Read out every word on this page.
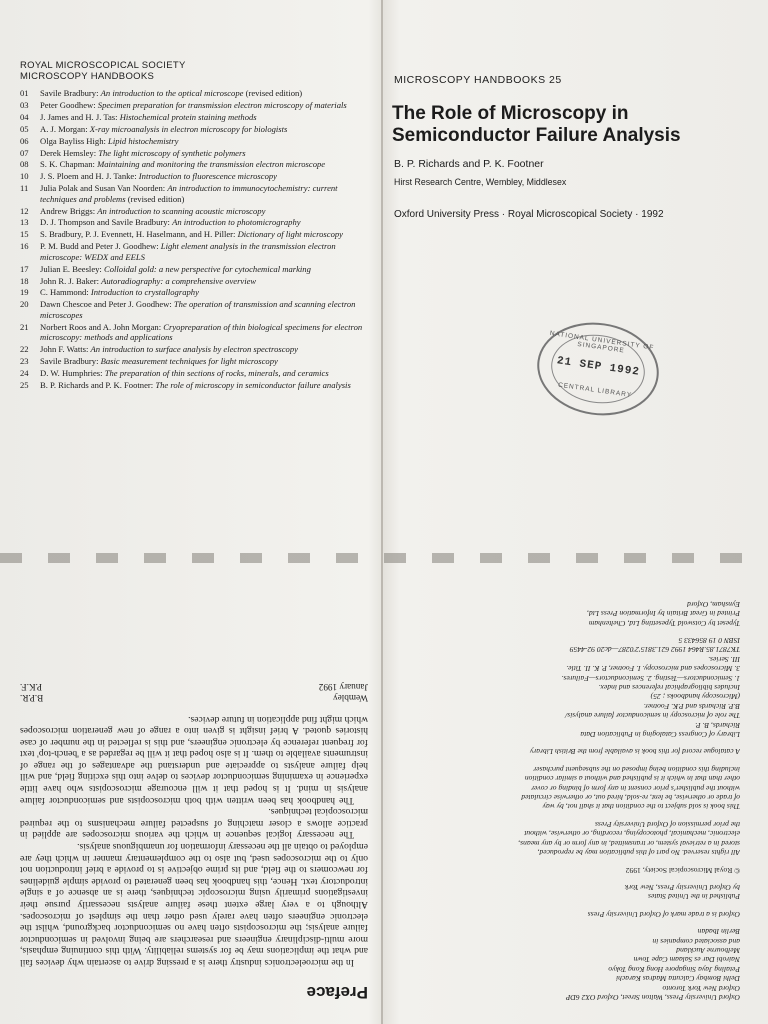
ROYAL MICROSCOPICAL SOCIETY
MICROSCOPY HANDBOOKS
01	Savile Bradbury: An introduction to the optical microscope (revised edition)
03	Peter Goodhew: Specimen preparation for transmission electron microscopy of materials
04	J. James and H. J. Tas: Histochemical protein staining methods
05	A. J. Morgan: X-ray microanalysis in electron microscopy for biologists
06	Olga Bayliss High: Lipid histochemistry
07	Derek Hemsley: The light microscopy of synthetic polymers
08	S. K. Chapman: Maintaining and monitoring the transmission electron microscope
10	J. S. Ploem and H. J. Tanke: Introduction to fluorescence microscopy
11	Julia Polak and Susan Van Noorden: An introduction to immunocytochemistry: current techniques and problems (revised edition)
12	Andrew Briggs: An introduction to scanning acoustic microscopy
13	D. J. Thompson and Savile Bradbury: An introduction to photomicrography
15	S. Bradbury, P. J. Evennett, H. Haselmann, and H. Piller: Dictionary of light microscopy
16	P. M. Budd and Peter J. Goodhew: Light element analysis in the transmission electron microscope: WEDX and EELS
17	Julian E. Beesley: Colloidal gold: a new perspective for cytochemical marking
18	John R. J. Baker: Autoradiography: a comprehensive overview
19	C. Hammond: Introduction to crystallography
20	Dawn Chescoe and Peter J. Goodhew: The operation of transmission and scanning electron microscopes
21	Norbert Roos and A. John Morgan: Cryopreparation of thin biological specimens for electron microscopy: methods and applications
22	John F. Watts: An introduction to surface analysis by electron spectroscopy
23	Savile Bradbury: Basic measurement techniques for light microscopy
24	D. W. Humphries: The preparation of thin sections of rocks, minerals, and ceramics
25	B. P. Richards and P. K. Footner: The role of microscopy in semiconductor failure analysis
MICROSCOPY HANDBOOKS 25
The Role of Microscopy in
Semiconductor Failure Analysis
B. P. Richards and P. K. Footner
Hirst Research Centre, Wembley, Middlesex
Oxford University Press · Royal Microscopical Society · 1992
NATIONAL UNIVERSITY OF SINGAPORE
21 SEP 1992
CENTRAL LIBRARY
Preface

In the microelectronics industry there is a pressing drive to ascertain why devices fail and what the implications may be for systems reliability. With this continuing emphasis, more multi-disciplinary engineers and researchers are being involved in semiconductor failure analysis; the microscopists often have no semiconductor background, whilst the electronic engineers often have rarely used other than the simplest of microscopes. Although to a very large extent these failure analysts necessarily pursue their investigations primarily using microscopic techniques, there is an absence of a single introductory text. Hence, this handbook has been generated to provide simple guidelines for newcomers to the field, and its prime objective is to provide a brief introduction not only to the microscopes used, but also to the complementary manner in which they are employed to obtain all the necessary information for unambiguous analysis.

The necessary logical sequence in which the various microscopes are applied in practice allows a closer matching of suspected failure mechanisms to the required microscopical techniques.

The handbook has been written with both microscopists and semiconductor failure analysis in mind. It is hoped that it will encourage microscopists who have little experience in examining semiconductor devices to delve into this exciting field, and will help failure analysts to appreciate and understand the advantages of the range of instruments available to them. It is also hoped that it will be regarded as a 'bench-top' text for frequent reference by electronic engineers, and this is reflected in the number of case histories quoted. A brief insight is given into a range of new generation microscopes which might find application in future devices.

Wembley
January 1992
B.P.R.
P.K.F.
Oxford University Press, Walton Street, Oxford OX2 6DP
Oxford New York Toronto
Delhi Bombay Calcutta Madras Karachi
Petaling Jaya Singapore Hong Kong Tokyo
Nairobi Dar es Salaam Cape Town
Melbourne Auckland
and associated companies in
Berlin Ibadan
Oxford is a trade mark of Oxford University Press
Published in the United States
by Oxford University Press, New York
© Royal Microscopical Society, 1992
All rights reserved. No part of this publication may be reproduced,
stored in a retrieval system, or transmitted, in any form or by any means,
electronic, mechanical, photocopying, recording, or otherwise, without
the prior permission of Oxford University Press
This book is sold subject to the condition that it shall not, by way
of trade or otherwise, be lent, re-sold, hired out, or otherwise circulated
without the publisher's prior consent in any form of binding or cover
other than that in which it is published and without a similar condition
including this condition being imposed on the subsequent purchaser
A catalogue record for this book is available from the British Library
Library of Congress Cataloging in Publication Data
Richards, B. P.
The role of microscopy in semiconductor failure analysis/
B.P. Richards and P.K. Footner.
(Microscopy handbooks ; 25)
Includes bibliographical references and index.
1. Semiconductors—Testing. 2. Semiconductors—Failures.
3. Microscopes and microscopy. I. Footner, P. K. II. Title.
III. Series.
TK7871.85.R464 1992 621.3815'2'0287—dc20 92-4459
ISBN 0 19 856433 5
Typeset by Cotswold Typesetting Ltd, Cheltenham
Printed in Great Britain by Information Press Ltd,
Eynsham, Oxford
